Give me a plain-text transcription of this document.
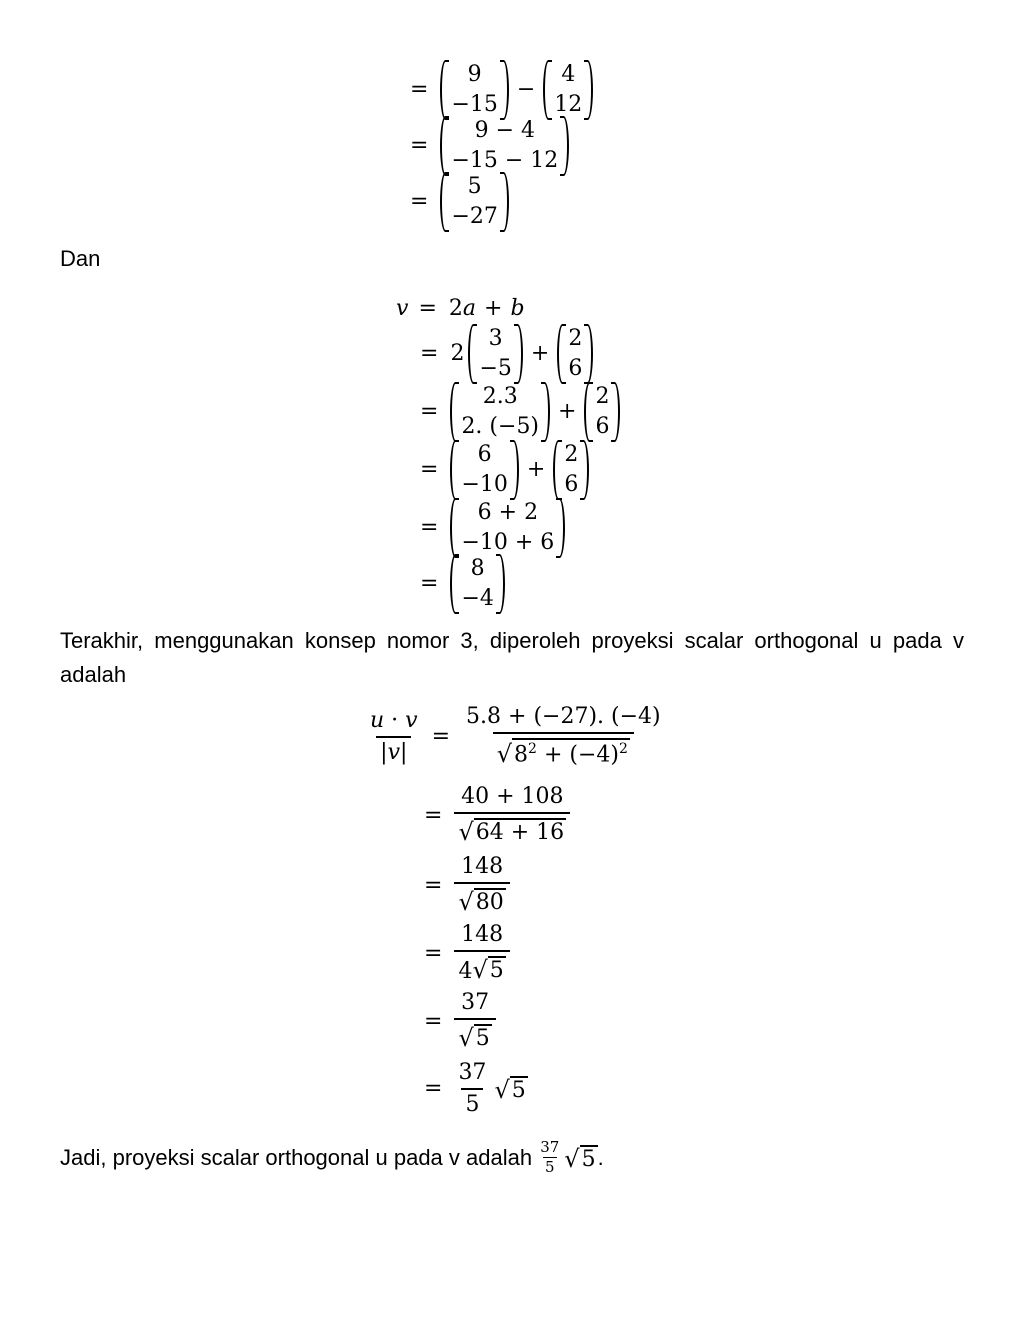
=
9
−15
−
4
12
=
9 − 4
−15 − 12
=
5
−27
Dan
v = 2 a + b
= 2
3
−5
+
2
6
=
2.3
2. (−5)
+
2
6
=
6
−10
+
2
6
=
6 + 2
−10 + 6
=
8
−4
Terakhir, menggunakan konsep nomor 3, diperoleh proyeksi scalar orthogonal u pada v adalah
$\frac{u \cdot v}{|v|} = \frac{5.8 + (-27). (-4)}{√ 8^2 + (-4)^2}$
= $\frac{40 + 108}{√ 64 + 16}$
= $\frac{148}{√ 80}$
= $\frac{148}{4 √ 5}$
= $\frac{37}{√ 5}$
= $\frac{37}{5}$ √ 5
Jadi, proyeksi scalar orthogonal u pada v adalah $\frac{37}{5}$ √ 5 .
